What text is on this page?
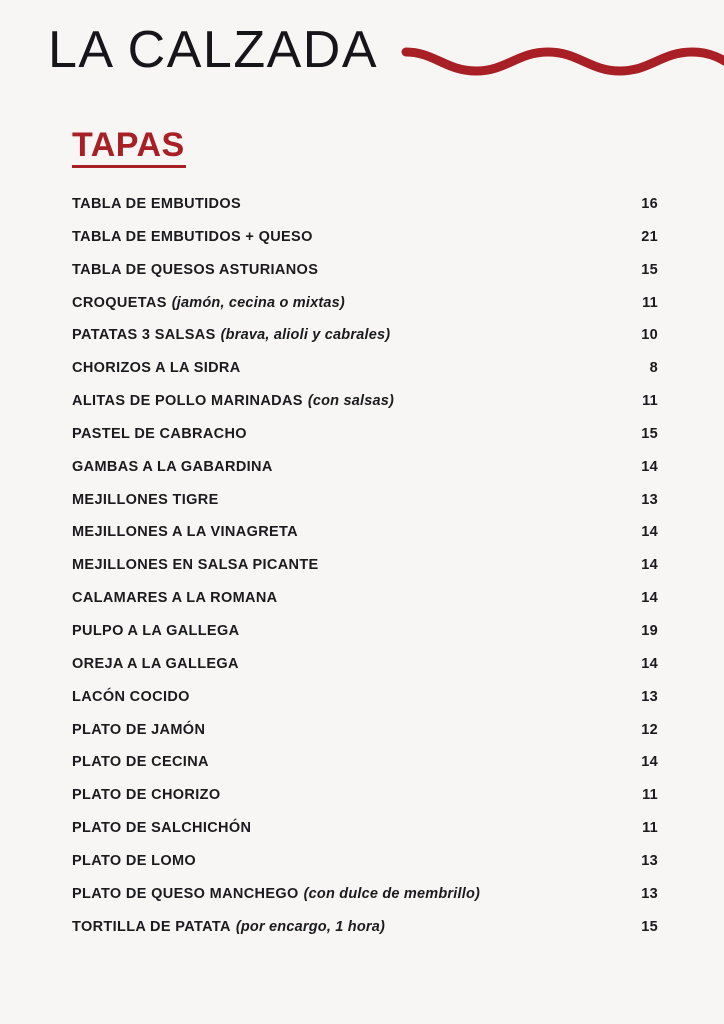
LA CALZADA
TAPAS
TABLA DE EMBUTIDOS .....	16
TABLA DE EMBUTIDOS + QUESO .....	21
TABLA DE QUESOS ASTURIANOS .....	15
CROQUETAS (jamón, cecina o mixtas) .....	11
PATATAS 3 SALSAS (brava, alioli y cabrales) .....	10
CHORIZOS A LA SIDRA .....	8
ALITAS DE POLLO MARINADAS (con salsas) .....	11
PASTEL DE CABRACHO .....	15
GAMBAS A LA GABARDINA .....	14
MEJILLONES TIGRE .....	13
MEJILLONES A LA VINAGRETA .....	14
MEJILLONES EN SALSA PICANTE .....	14
CALAMARES A LA ROMANA .....	14
PULPO A LA GALLEGA .....	19
OREJA A LA GALLEGA .....	14
LACÓN COCIDO .....	13
PLATO DE JAMÓN .....	12
PLATO DE CECINA .....	14
PLATO DE CHORIZO .....	11
PLATO DE SALCHICHÓN .....	11
PLATO DE LOMO .....	13
PLATO DE QUESO MANCHEGO (con dulce de membrillo) .....	13
TORTILLA DE PATATA (por encargo, 1 hora) .....	15
